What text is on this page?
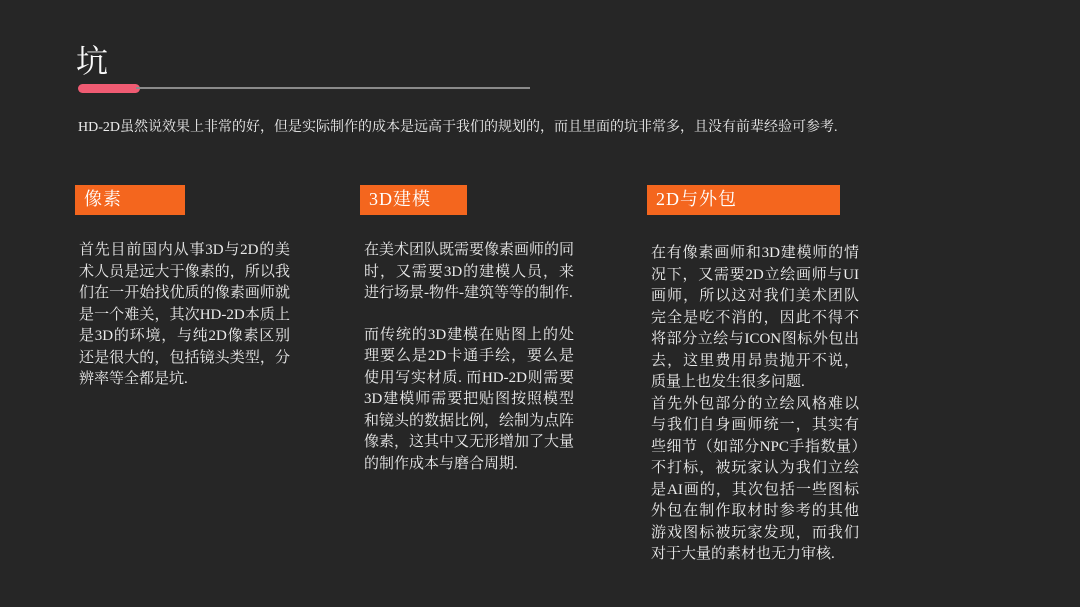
坑

HD-2D虽然说效果上非常的好，但是实际制作的成本是远高于我们的规划的，而且里面的坑非常多，且没有前辈经验可参考.

像素

首先目前国内从事3D与2D的美术人员是远大于像素的，所以我们在一开始找优质的像素画师就是一个难关，其次HD-2D本质上是3D的环境，与纯2D像素区别还是很大的，包括镜头类型，分辨率等全都是坑.

3D建模

在美术团队既需要像素画师的同时，又需要3D的建模人员，来进行场景-物件-建筑等等的制作.

而传统的3D建模在贴图上的处理要么是2D卡通手绘，要么是使用写实材质. 而HD-2D则需要3D建模师需要把贴图按照模型和镜头的数据比例，绘制为点阵像素，这其中又无形增加了大量的制作成本与磨合周期.

2D与外包

在有像素画师和3D建模师的情况下，又需要2D立绘画师与UI画师，所以这对我们美术团队完全是吃不消的，因此不得不将部分立绘与ICON图标外包出去，这里费用昂贵抛开不说，质量上也发生很多问题.

首先外包部分的立绘风格难以与我们自身画师统一，其实有些细节（如部分NPC手指数量）不打标，被玩家认为我们立绘是AI画的，其次包括一些图标外包在制作取材时参考的其他游戏图标被玩家发现，而我们对于大量的素材也无力审核.
